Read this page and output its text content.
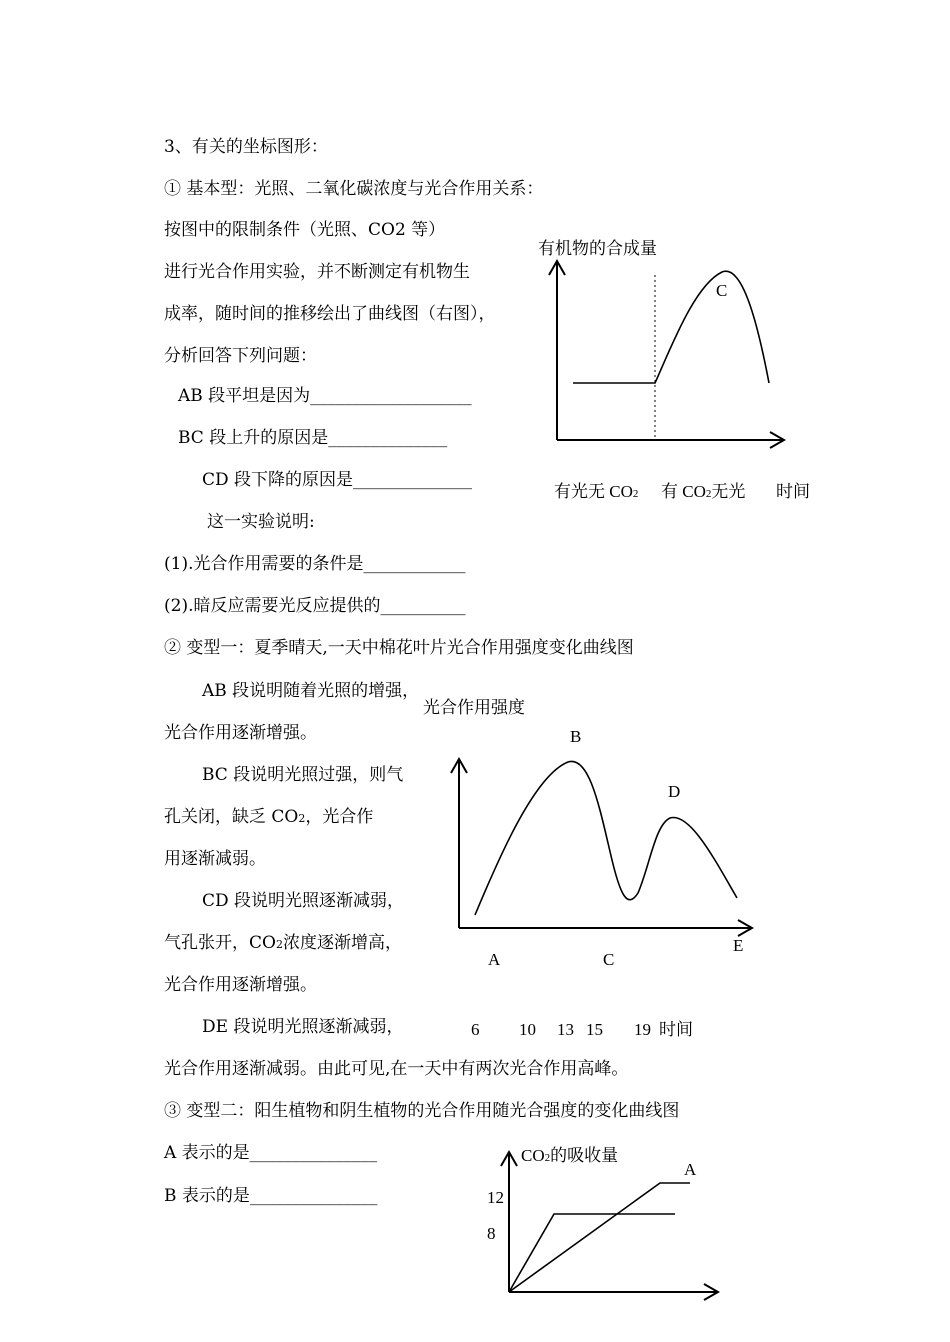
3、有关的坐标图形：
① 基本型：光照、二氧化碳浓度与光合作用关系：
按图中的限制条件（光照、CO2 等）
进行光合作用实验，并不断测定有机物生
成率，随时间的推移绘出了曲线图（右图），
分析回答下列问题：
AB 段平坦是因为___________________
BC 段上升的原因是______________
CD 段下降的原因是______________
这一实验说明:
(1).光合作用需要的条件是____________
(2).暗反应需要光反应提供的__________
② 变型一：夏季晴天,一天中棉花叶片光合作用强度变化曲线图
AB 段说明随着光照的增强，
光合作用逐渐增强。
BC 段说明光照过强，则气
孔关闭，缺乏 CO2，光合作
用逐渐减弱。
CD 段说明光照逐渐减弱，
气孔张开，CO2浓度逐渐增高，
光合作用逐渐增强。
DE 段说明光照逐渐减弱，
光合作用逐渐减弱。由此可见,在一天中有两次光合作用高峰。
③ 变型二：阳生植物和阴生植物的光合作用随光合强度的变化曲线图
A 表示的是_______________
B 表示的是_______________
有机物的合成量
C
有光无 CO2 有 CO2无光 时间
光合作用强度
B
D
A	C
E
6 10 13 15 19 时间
CO2的吸收量
A
12
8
